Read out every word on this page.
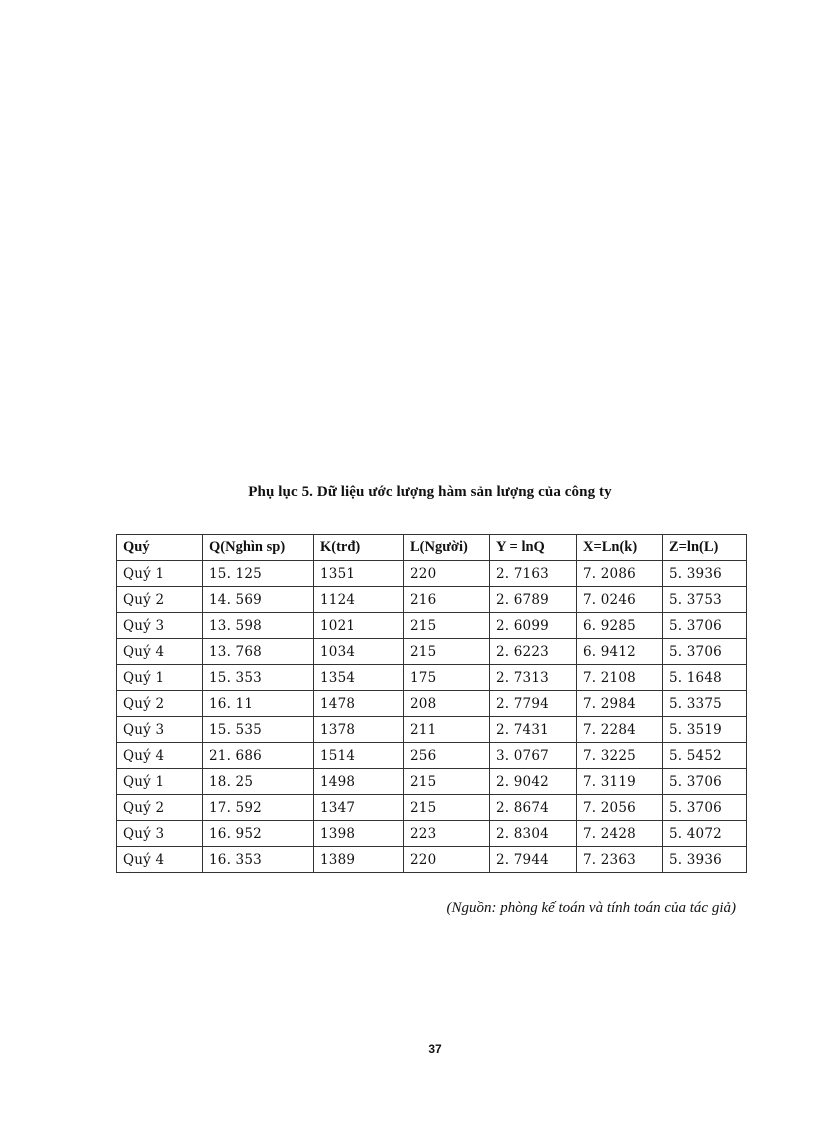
Phụ lục 5. Dữ liệu ước lượng hàm sản lượng của công ty
Quý	Q(Nghìn sp)	K(trđ)	L(Người)	Y = lnQ	X=Ln(k)	Z=ln(L)
Quý 1	15. 125	1351	220	2. 7163	7. 2086	5. 3936
Quý 2	14. 569	1124	216	2. 6789	7. 0246	5. 3753
Quý 3	13. 598	1021	215	2. 6099	6. 9285	5. 3706
Quý 4	13. 768	1034	215	2. 6223	6. 9412	5. 3706
Quý 1	15. 353	1354	175	2. 7313	7. 2108	5. 1648
Quý 2	16. 11	1478	208	2. 7794	7. 2984	5. 3375
Quý 3	15. 535	1378	211	2. 7431	7. 2284	5. 3519
Quý 4	21. 686	1514	256	3. 0767	7. 3225	5. 5452
Quý 1	18. 25	1498	215	2. 9042	7. 3119	5. 3706
Quý 2	17. 592	1347	215	2. 8674	7. 2056	5. 3706
Quý 3	16. 952	1398	223	2. 8304	7. 2428	5. 4072
Quý 4	16. 353	1389	220	2. 7944	7. 2363	5. 3936
(Nguồn: phòng kế toán và tính toán của tác giả)
37
